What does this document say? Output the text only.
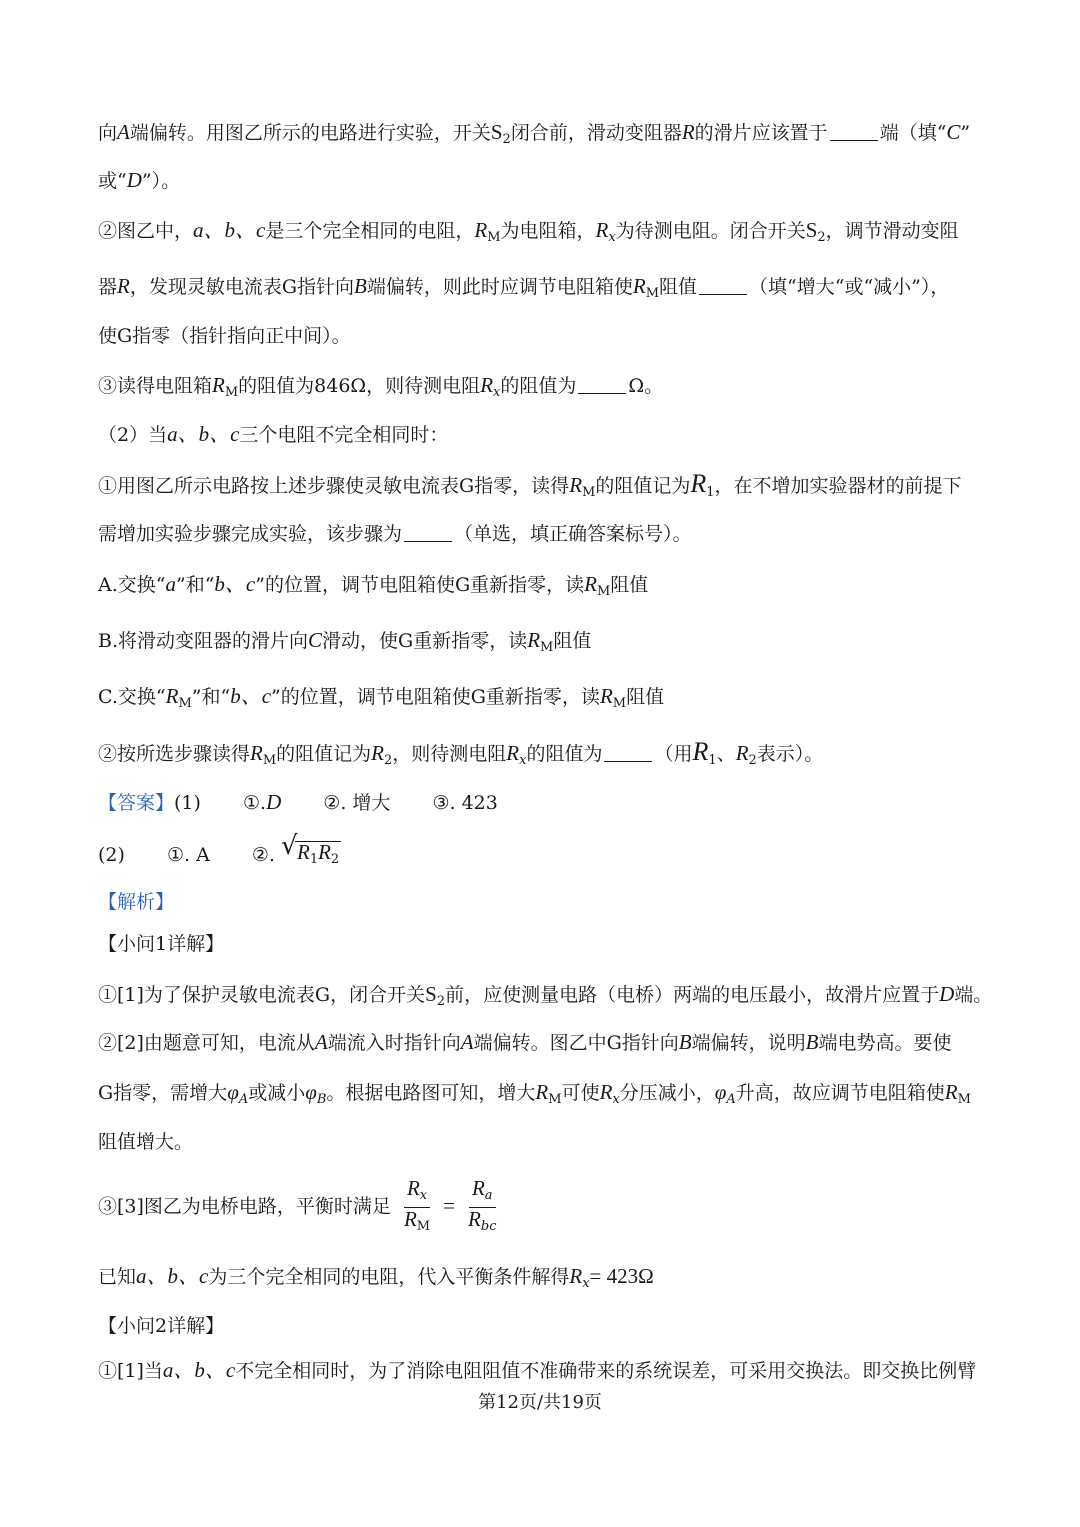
向A端偏转。用图乙所示的电路进行实验，开关$S_2$闭合前，滑动变阻器R的滑片应该置于	端（填“C”
或“D”）。
②图乙中，a、b、c是三个完全相同的电阻，$R_M$为电阻箱，$R_x$为待测电阻。闭合开关$S_2$，调节滑动变阻
器R，发现灵敏电流表G指针向B端偏转，则此时应调节电阻箱使$R_M$阻值	（填“增大“或“减小”），
使G指零（指针指向正中间）。
③读得电阻箱$R_M$的阻值为846Ω，则待测电阻$R_x$的阻值为	Ω。
（2）当a、b、c三个电阻不完全相同时：
①用图乙所示电路按上述步骤使灵敏电流表G指零，读得$R_M$的阻值记为$R_1$，在不增加实验器材的前提下
需增加实验步骤完成实验，该步骤为	（单选，填正确答案标号）。
A.交换“a”和“b、c”的位置，调节电阻箱使G重新指零，读$R_M$阻值
B.将滑动变阻器的滑片向C滑动，使G重新指零，读$R_M$阻值
C.交换“$R_M$”和“b、c”的位置，调节电阻箱使G重新指零，读$R_M$阻值
②按所选步骤读得$R_M$的阻值记为$R_2$，则待测电阻$R_x$的阻值为	（用$R_1$、$R_2$表示）。
【答案】(1) ①.D ②. 增大 ③. 423
(2) ①. A ②. √ $R_1R_2$
【解析】
【小问1详解】
①[1]为了保护灵敏电流表G，闭合开关$S_2$前，应使测量电路（电桥）两端的电压最小，故滑片应置于D端。
②[2]由题意可知，电流从A端流入时指针向A端偏转。图乙中G指针向B端偏转，说明B端电势高。要使
G指零，需增大$\varphi_A$或减小$\varphi_B$。根据电路图可知，增大$R_M$可使$R_x$分压减小，$\varphi_A$升高，故应调节电阻箱使$R_M$
阻值增大。
③[3]图乙为电桥电路，平衡时满足 $\frac{R_x}{R_M} = \frac{R_a}{R_{bc}}$
已知a、b、c为三个完全相同的电阻，代入平衡条件解得$R_x= 423\Omega$
【小问2详解】
①[1]当a、b、c不完全相同时，为了消除电阻阻值不准确带来的系统误差，可采用交换法。即交换比例臂
第12页/共19页
